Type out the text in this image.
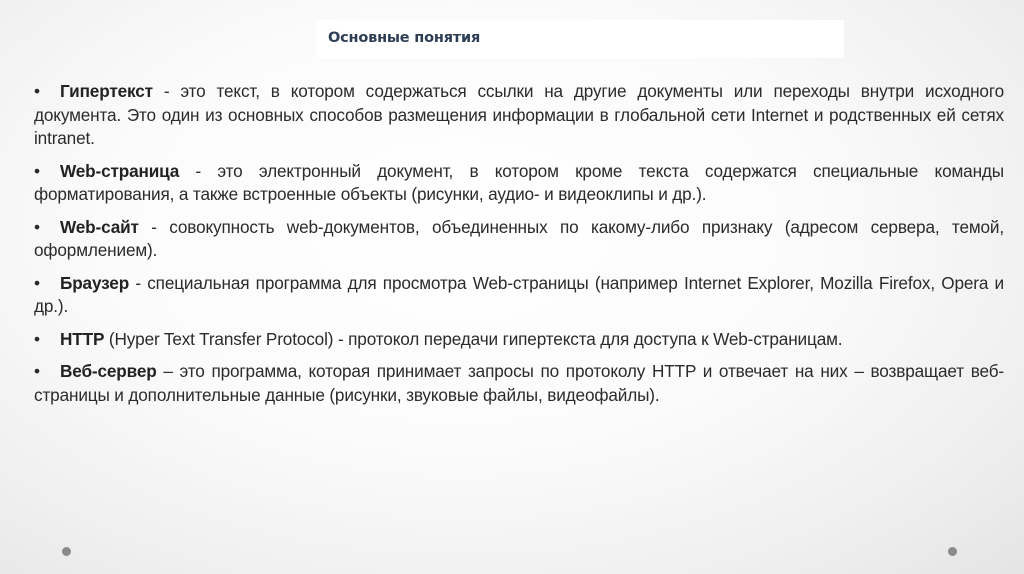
Основные понятия

• Гипертекст - это текст, в котором содержаться ссылки на другие документы или переходы внутри исходного документа. Это один из основных способов размещения информации в глобальной сети Internet и родственных ей сетях intranet.

• Web-страница - это электронный документ, в котором кроме текста содержатся специальные команды форматирования, а также встроенные объекты (рисунки, аудио- и видеоклипы и др.).

• Web-сайт - совокупность web-документов, объединенных по какому-либо признаку (адресом сервера, темой, оформлением).

• Браузер - специальная программа для просмотра Web-страницы (например Internet Explorer, Mozilla Firefox, Opera и др.).

• HTTP (Hyper Text Transfer Protocol) - протокол передачи гипертекста для доступа к Web-страницам.

• Веб-сервер – это программа, которая принимает запросы по протоколу HTTP и отвечает на них – возвращает веб-страницы и дополнительные данные (рисунки, звуковые файлы, видеофайлы).
